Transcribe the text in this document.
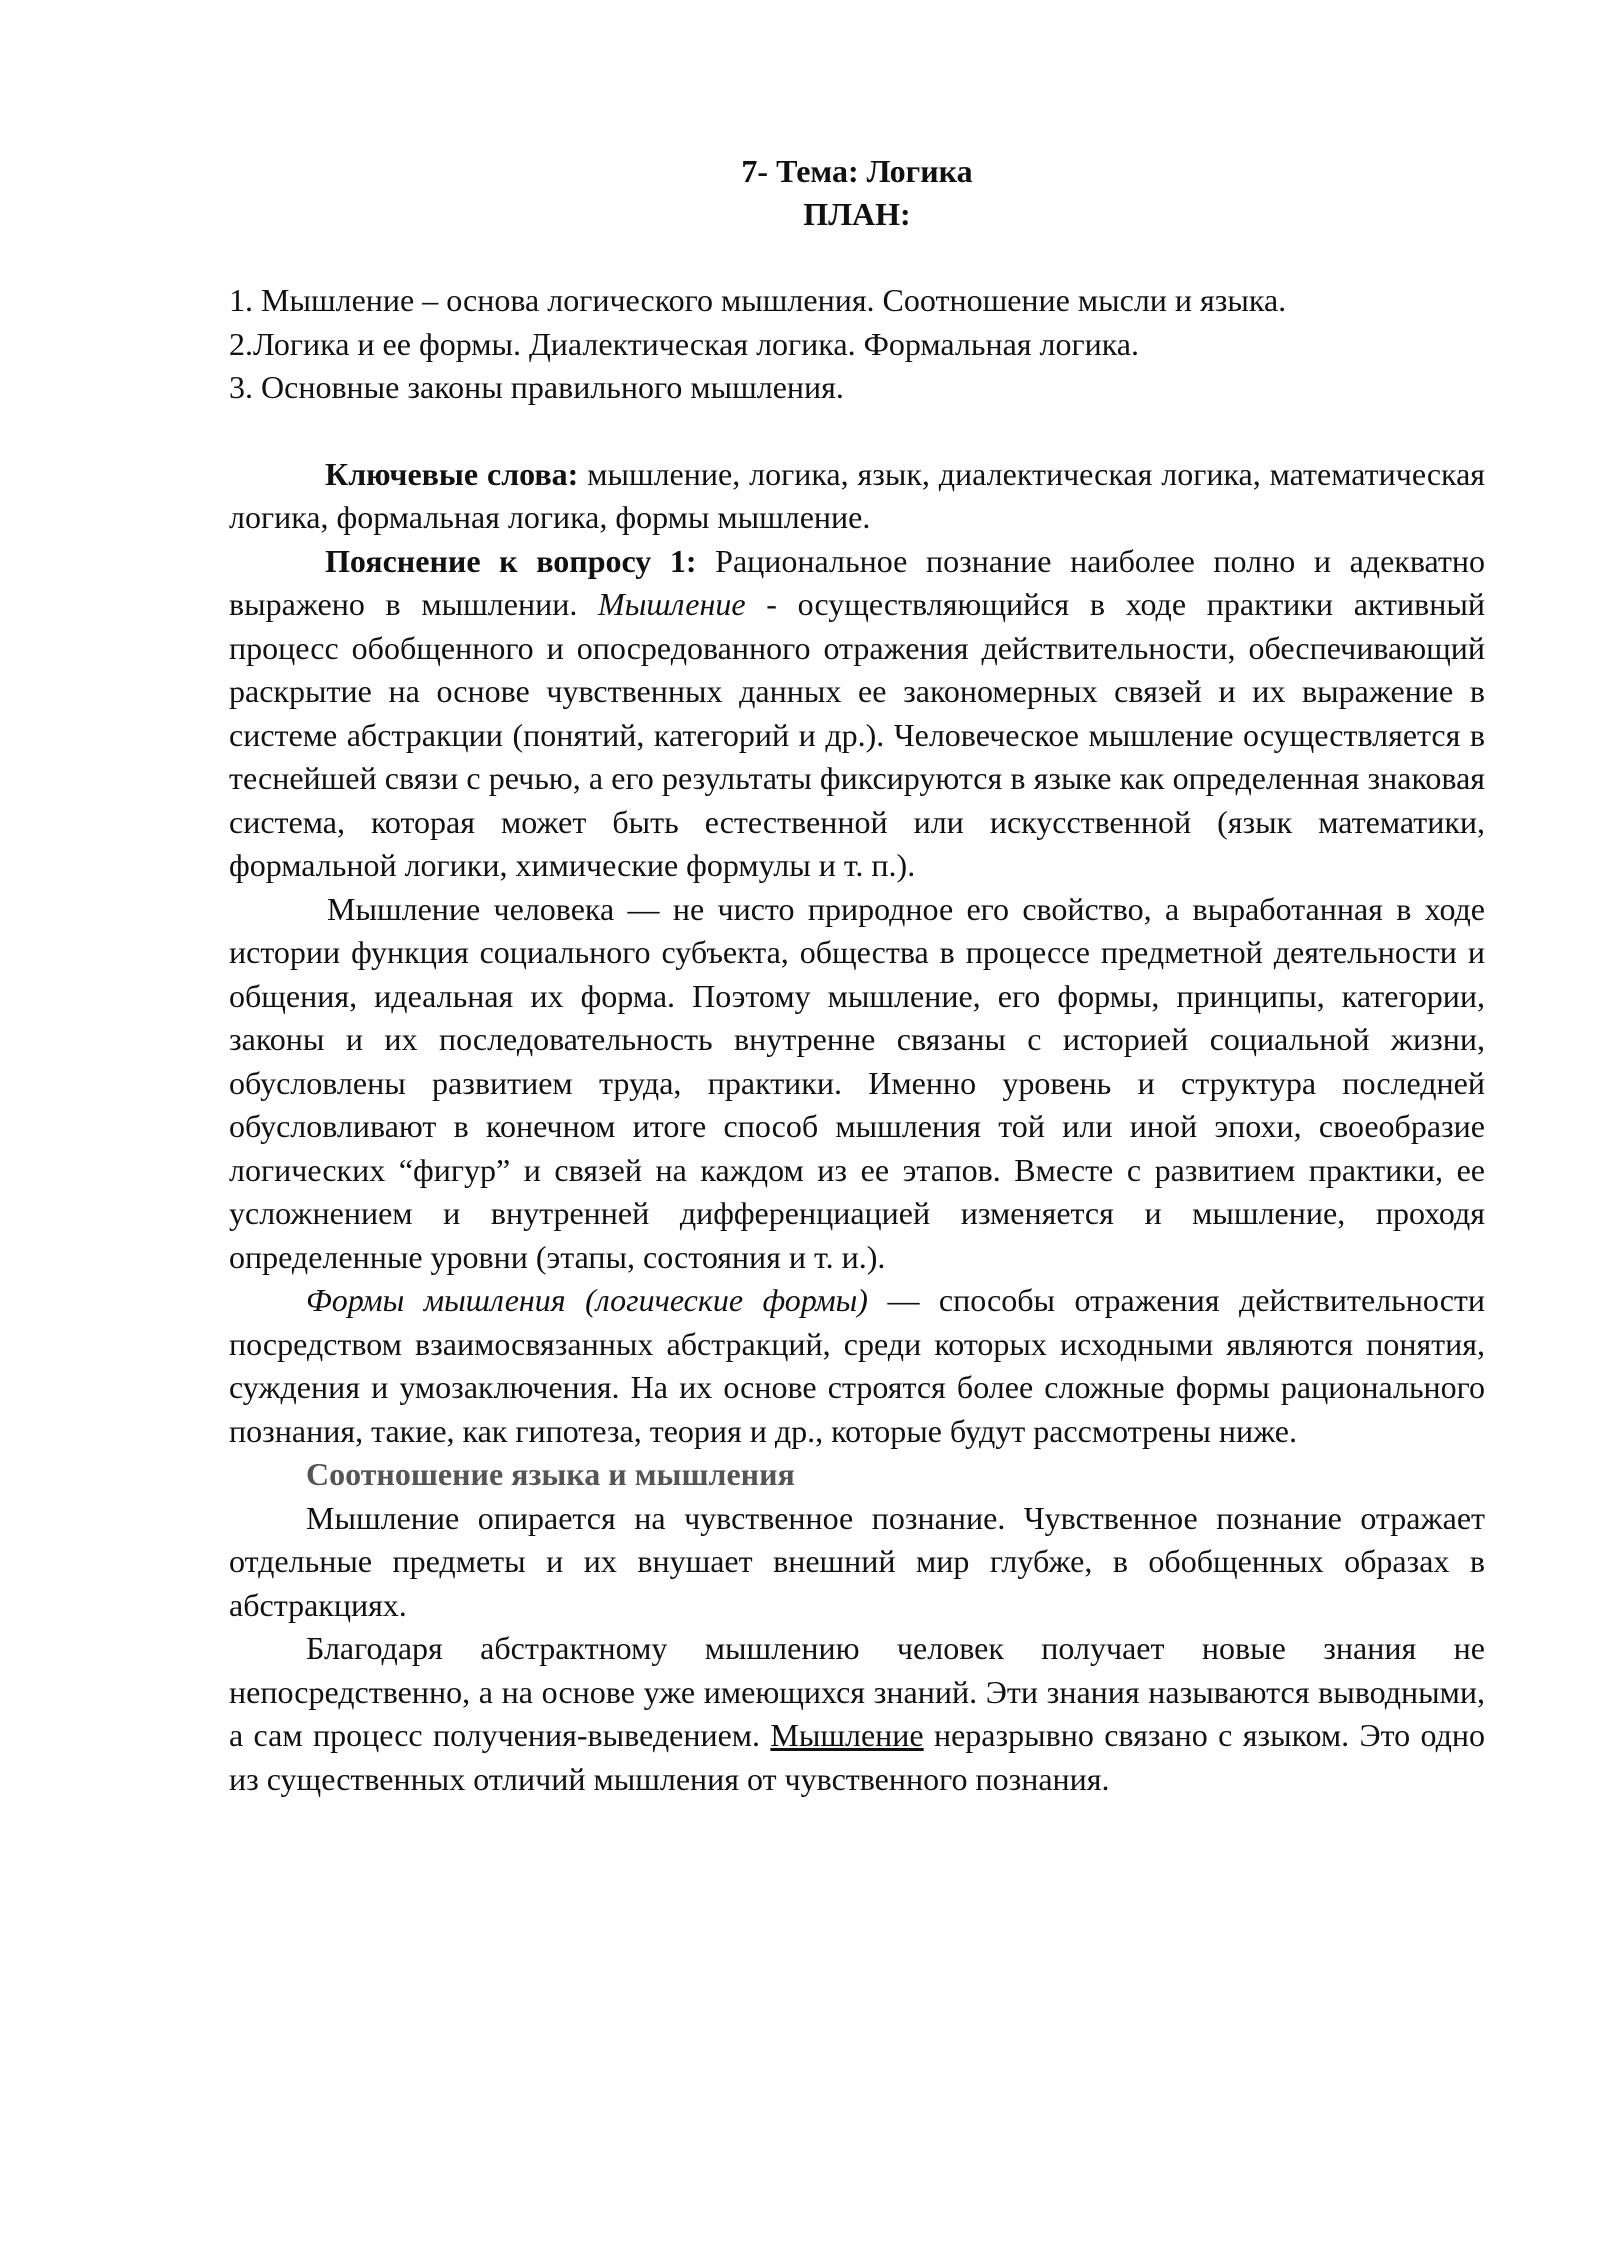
7- Тема: Логика
ПЛАН:
1. Мышление – основа логического мышления. Соотношение мысли и языка.
2.Логика и ее формы. Диалектическая логика. Формальная логика.
3. Основные законы правильного мышления.

Ключевые слова: мышление, логика, язык, диалектическая логика, математическая логика, формальная логика, формы мышление.

Пояснение к вопросу 1: Рациональное познание наиболее полно и адекватно выражено в мышлении. Мышление - осуществляющийся в ходе практики активный процесс обобщенного и опосредованного отражения действительности, обеспечивающий раскрытие на основе чувственных данных ее закономерных связей и их выражение в системе абстракции (понятий, категорий и др.). Человеческое мышление осуществляется в теснейшей связи с речью, а его результаты фиксируются в языке как определенная знаковая система, которая может быть естественной или искусственной (язык математики, формальной логики, химические формулы и т. п.).

Мышление человека — не чисто природное его свойство, а выработанная в ходе истории функция социального субъекта, общества в процессе предметной деятельности и общения, идеальная их форма. Поэтому мышление, его формы, принципы, категории, законы и их последовательность внутренне связаны с историей социальной жизни, обусловлены развитием труда, практики. Именно уровень и структура последней обусловливают в конечном итоге способ мышления той или иной эпохи, своеобразие логических “фигур” и связей на каждом из ее этапов. Вместе с развитием практики, ее усложнением и внутренней дифференциацией изменяется и мышление, проходя определенные уровни (этапы, состояния и т. и.).

Формы мышления (логические формы) — способы отражения действительности посредством взаимосвязанных абстракций, среди которых исходными являются понятия, суждения и умозаключения. На их основе строятся более сложные формы рационального познания, такие, как гипотеза, теория и др., которые будут рассмотрены ниже.

Соотношение языка и мышления

Мышление опирается на чувственное познание. Чувственное познание отражает отдельные предметы и их внушает внешний мир глубже, в обобщенных образах в абстракциях.

Благодаря абстрактному мышлению человек получает новые знания не непосредственно, а на основе уже имеющихся знаний. Эти знания называются выводными, а сам процесс получения-выведением. Мышление неразрывно связано с языком. Это одно из существенных отличий мышления от чувственного познания.
